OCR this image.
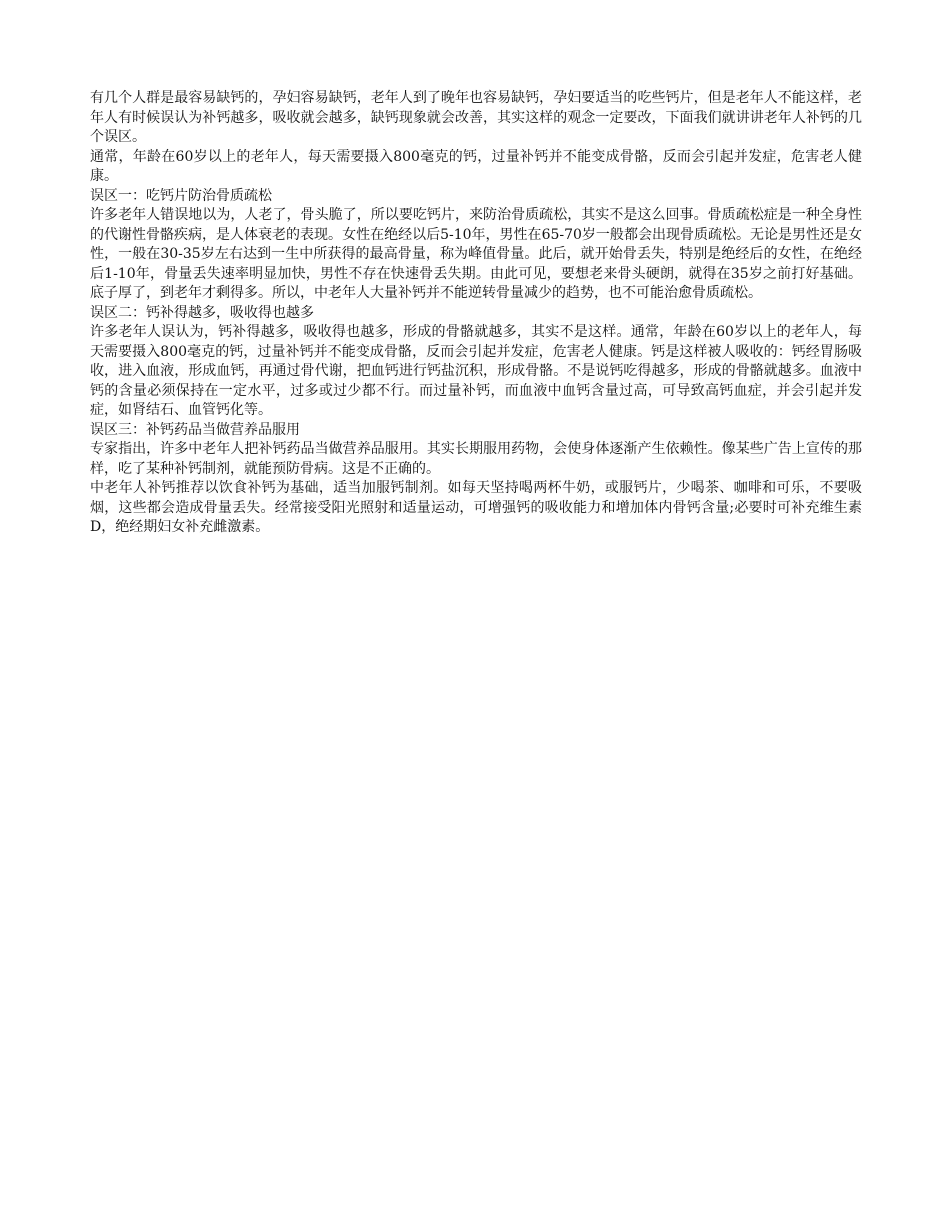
有几个人群是最容易缺钙的，孕妇容易缺钙，老年人到了晚年也容易缺钙，孕妇要适当的吃些钙片，但是老年人不能这样，老年人有时候误认为补钙越多，吸收就会越多，缺钙现象就会改善，其实这样的观念一定要改，下面我们就讲讲老年人补钙的几个误区。

通常，年龄在60岁以上的老年人，每天需要摄入800毫克的钙，过量补钙并不能变成骨骼，反而会引起并发症，危害老人健康。

误区一：吃钙片防治骨质疏松

许多老年人错误地以为，人老了，骨头脆了，所以要吃钙片，来防治骨质疏松，其实不是这么回事。骨质疏松症是一种全身性的代谢性骨骼疾病，是人体衰老的表现。女性在绝经以后5-10年，男性在65-70岁一般都会出现骨质疏松。无论是男性还是女性，一般在30-35岁左右达到一生中所获得的最高骨量，称为峰值骨量。此后，就开始骨丢失，特别是绝经后的女性，在绝经后1-10年，骨量丢失速率明显加快，男性不存在快速骨丢失期。由此可见，要想老来骨头硬朗，就得在35岁之前打好基础。底子厚了，到老年才剩得多。所以，中老年人大量补钙并不能逆转骨量减少的趋势，也不可能治愈骨质疏松。

误区二：钙补得越多，吸收得也越多

许多老年人误认为，钙补得越多，吸收得也越多，形成的骨骼就越多，其实不是这样。通常，年龄在60岁以上的老年人，每天需要摄入800毫克的钙，过量补钙并不能变成骨骼，反而会引起并发症，危害老人健康。钙是这样被人吸收的：钙经胃肠吸收，进入血液，形成血钙，再通过骨代谢，把血钙进行钙盐沉积，形成骨骼。不是说钙吃得越多，形成的骨骼就越多。血液中钙的含量必须保持在一定水平，过多或过少都不行。而过量补钙，而血液中血钙含量过高，可导致高钙血症，并会引起并发症，如肾结石、血管钙化等。

误区三：补钙药品当做营养品服用

专家指出，许多中老年人把补钙药品当做营养品服用。其实长期服用药物，会使身体逐渐产生依赖性。像某些广告上宣传的那样，吃了某种补钙制剂，就能预防骨病。这是不正确的。

中老年人补钙推荐以饮食补钙为基础，适当加服钙制剂。如每天坚持喝两杯牛奶，或服钙片，少喝茶、咖啡和可乐，不要吸烟，这些都会造成骨量丢失。经常接受阳光照射和适量运动，可增强钙的吸收能力和增加体内骨钙含量;必要时可补充维生素D，绝经期妇女补充雌激素。
